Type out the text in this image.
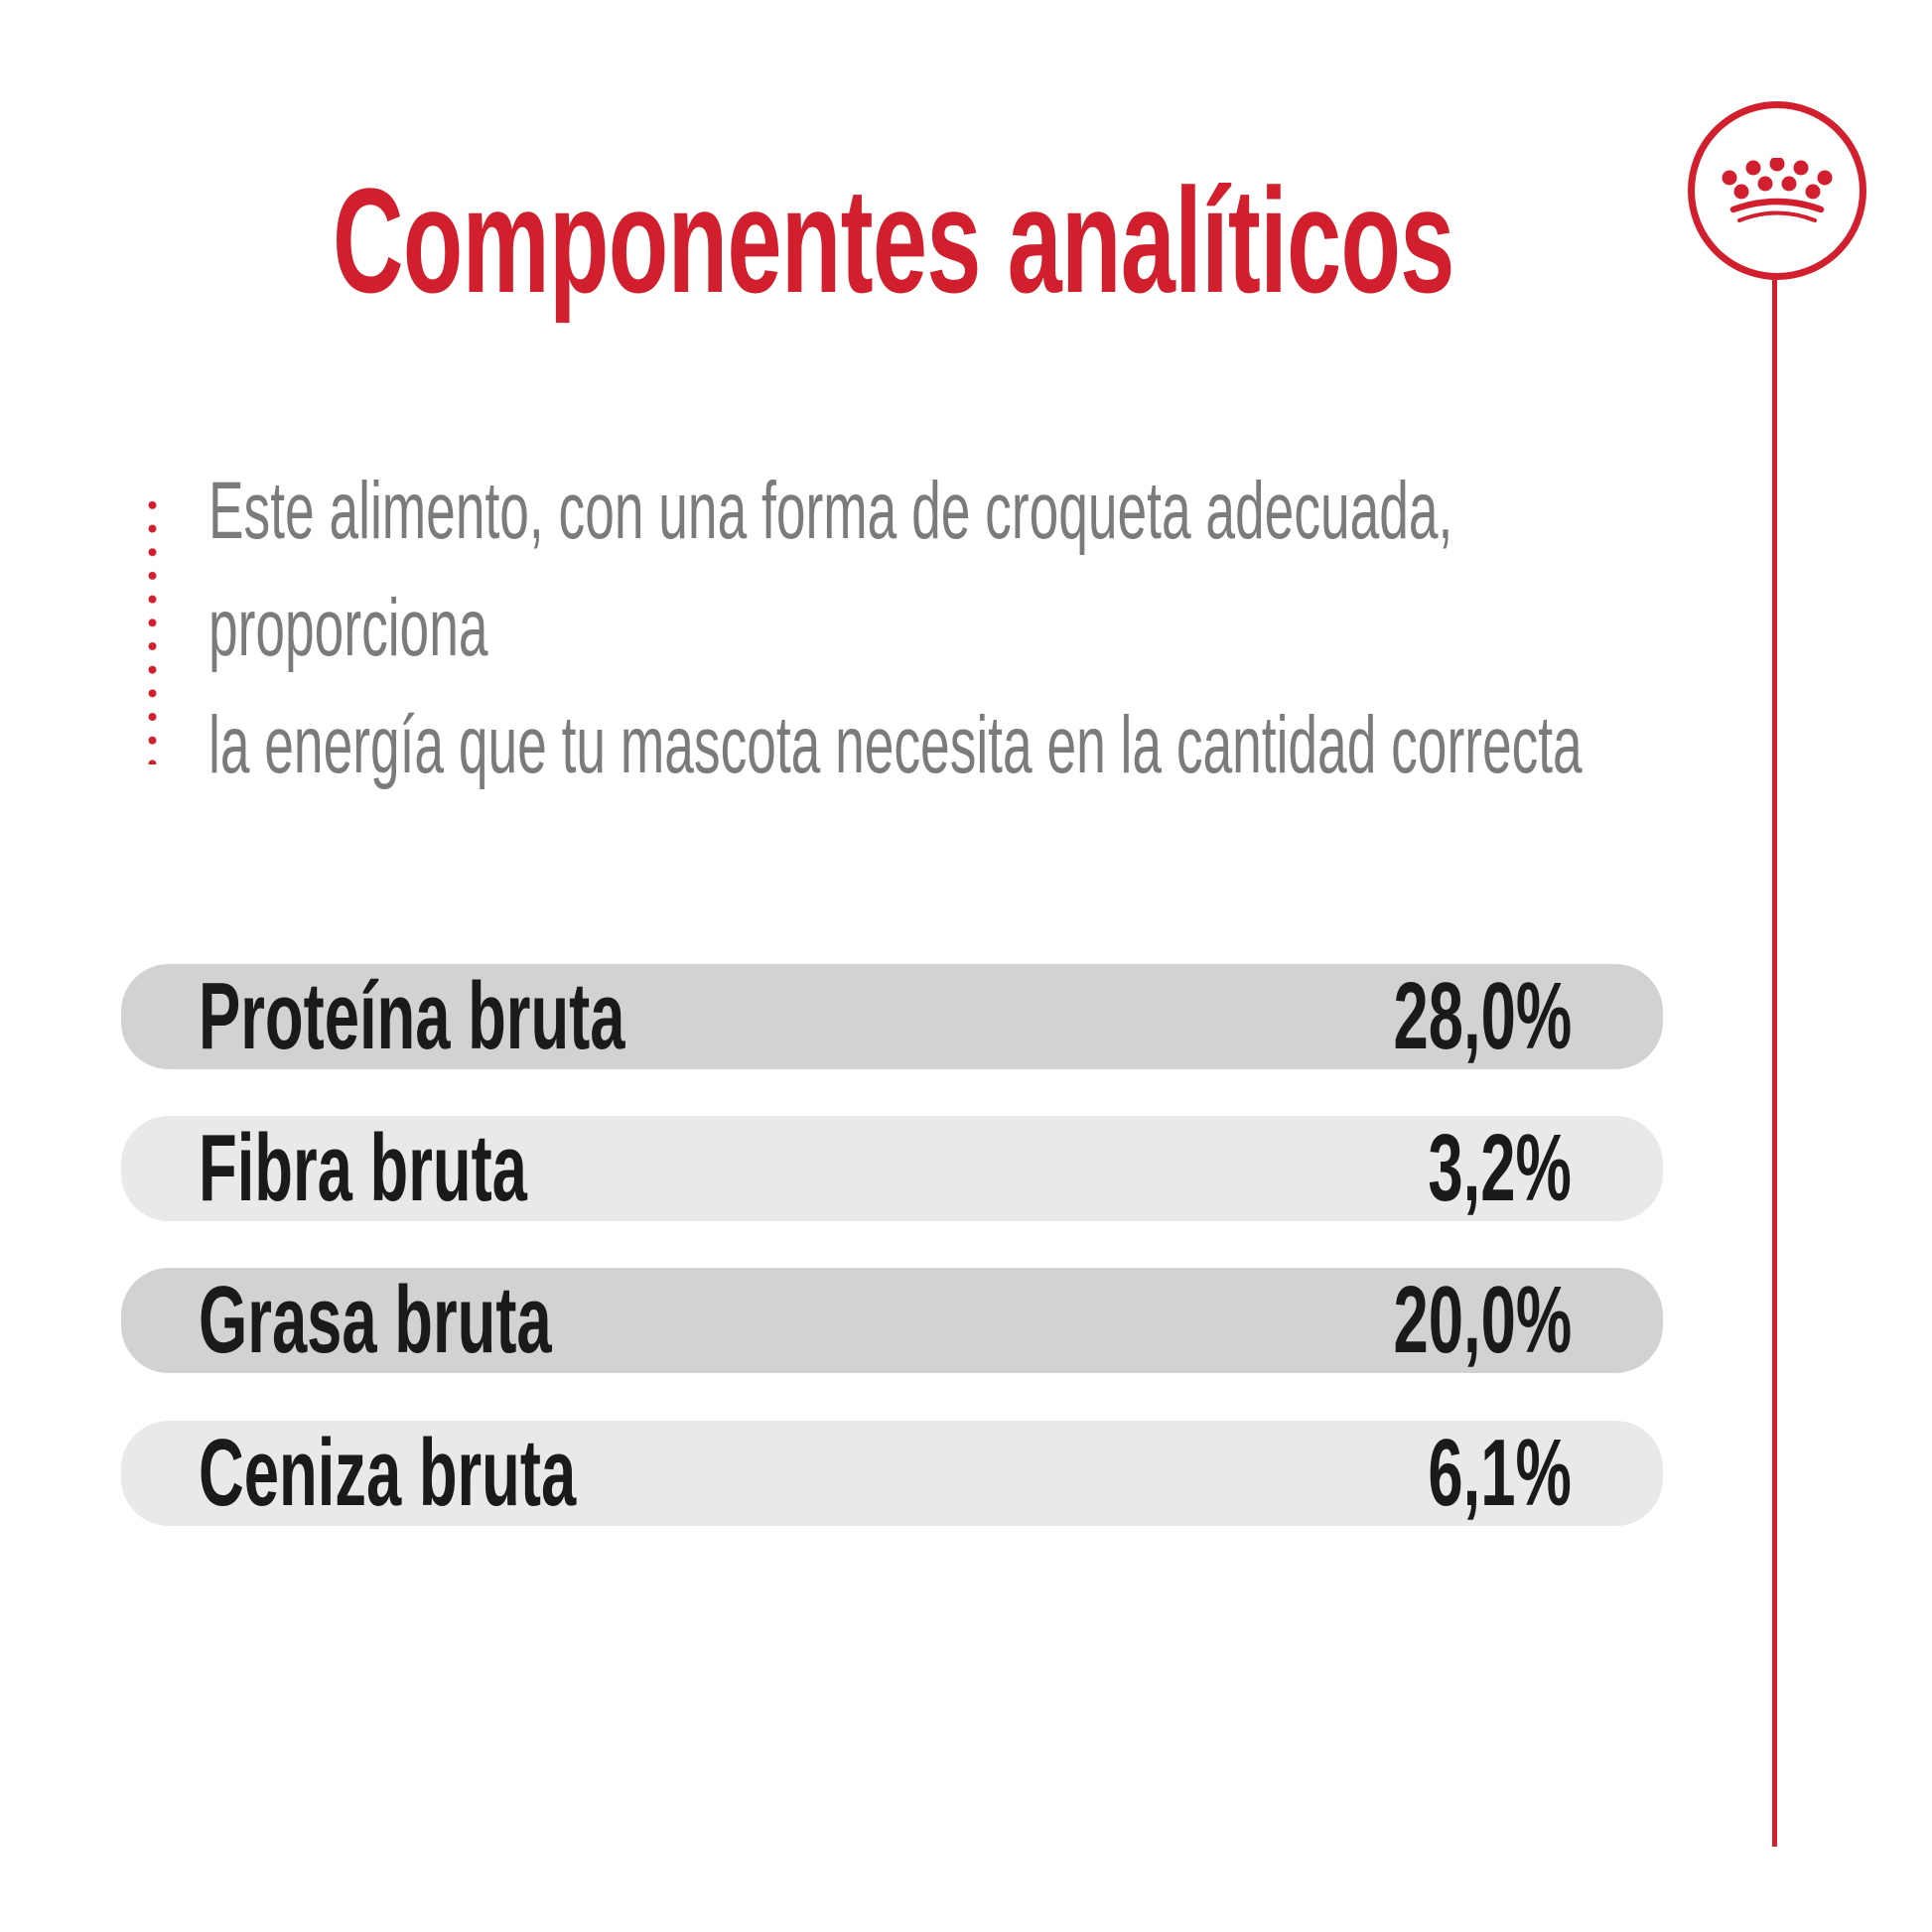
Componentes analíticos
Este alimento, con una forma de croqueta adecuada,
proporciona
la energía que tu mascota necesita en la cantidad correcta
Proteína bruta	28,0%
Fibra bruta	3,2%
Grasa bruta	20,0%
Ceniza bruta	6,1%
